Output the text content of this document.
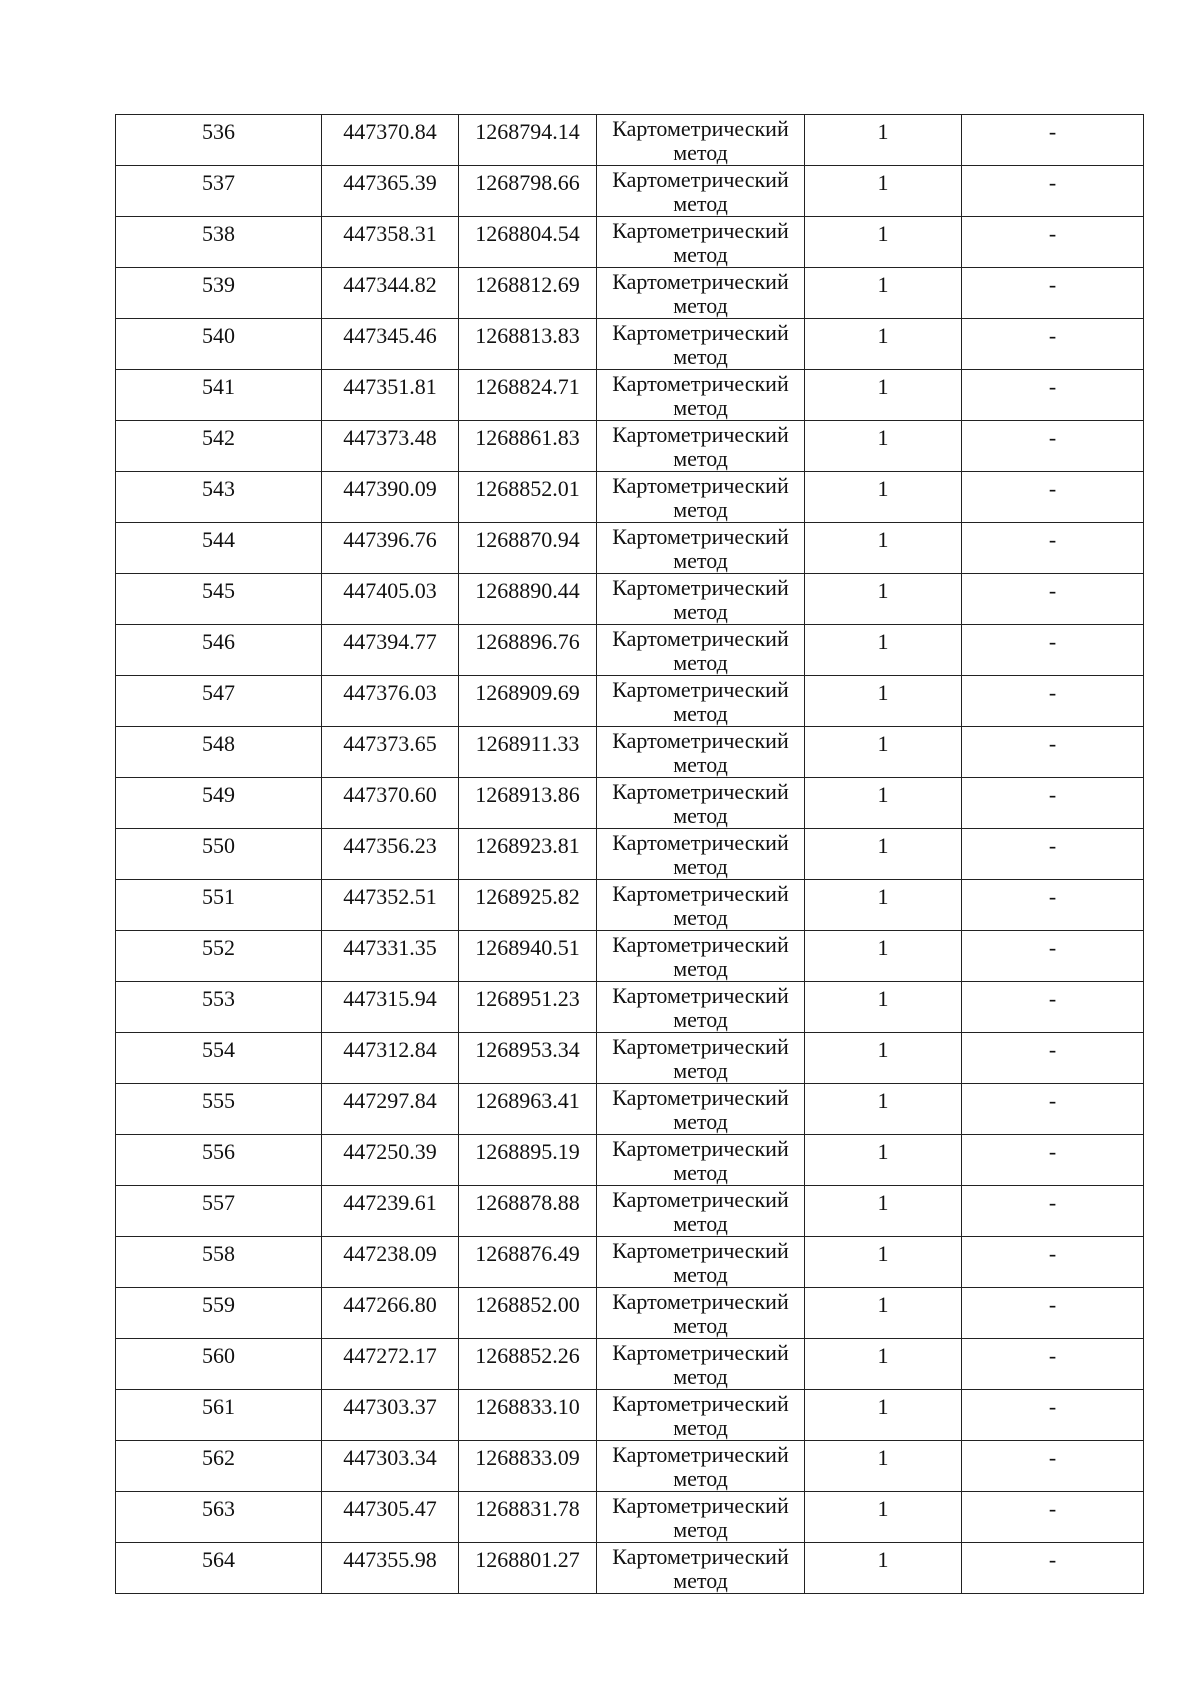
536	447370.84	1268794.14	Картометрический метод	1	-

537	447365.39	1268798.66	Картометрический метод	1	-

538	447358.31	1268804.54	Картометрический метод	1	-

539	447344.82	1268812.69	Картометрический метод	1	-

540	447345.46	1268813.83	Картометрический метод	1	-

541	447351.81	1268824.71	Картометрический метод	1	-

542	447373.48	1268861.83	Картометрический метод	1	-

543	447390.09	1268852.01	Картометрический метод	1	-

544	447396.76	1268870.94	Картометрический метод	1	-

545	447405.03	1268890.44	Картометрический метод	1	-

546	447394.77	1268896.76	Картометрический метод	1	-

547	447376.03	1268909.69	Картометрический метод	1	-

548	447373.65	1268911.33	Картометрический метод	1	-

549	447370.60	1268913.86	Картометрический метод	1	-

550	447356.23	1268923.81	Картометрический метод	1	-

551	447352.51	1268925.82	Картометрический метод	1	-

552	447331.35	1268940.51	Картометрический метод	1	-

553	447315.94	1268951.23	Картометрический метод	1	-

554	447312.84	1268953.34	Картометрический метод	1	-

555	447297.84	1268963.41	Картометрический метод	1	-

556	447250.39	1268895.19	Картометрический метод	1	-

557	447239.61	1268878.88	Картометрический метод	1	-

558	447238.09	1268876.49	Картометрический метод	1	-

559	447266.80	1268852.00	Картометрический метод	1	-

560	447272.17	1268852.26	Картометрический метод	1	-

561	447303.37	1268833.10	Картометрический метод	1	-

562	447303.34	1268833.09	Картометрический метод	1	-

563	447305.47	1268831.78	Картометрический метод	1	-

564	447355.98	1268801.27	Картометрический метод	1	-
